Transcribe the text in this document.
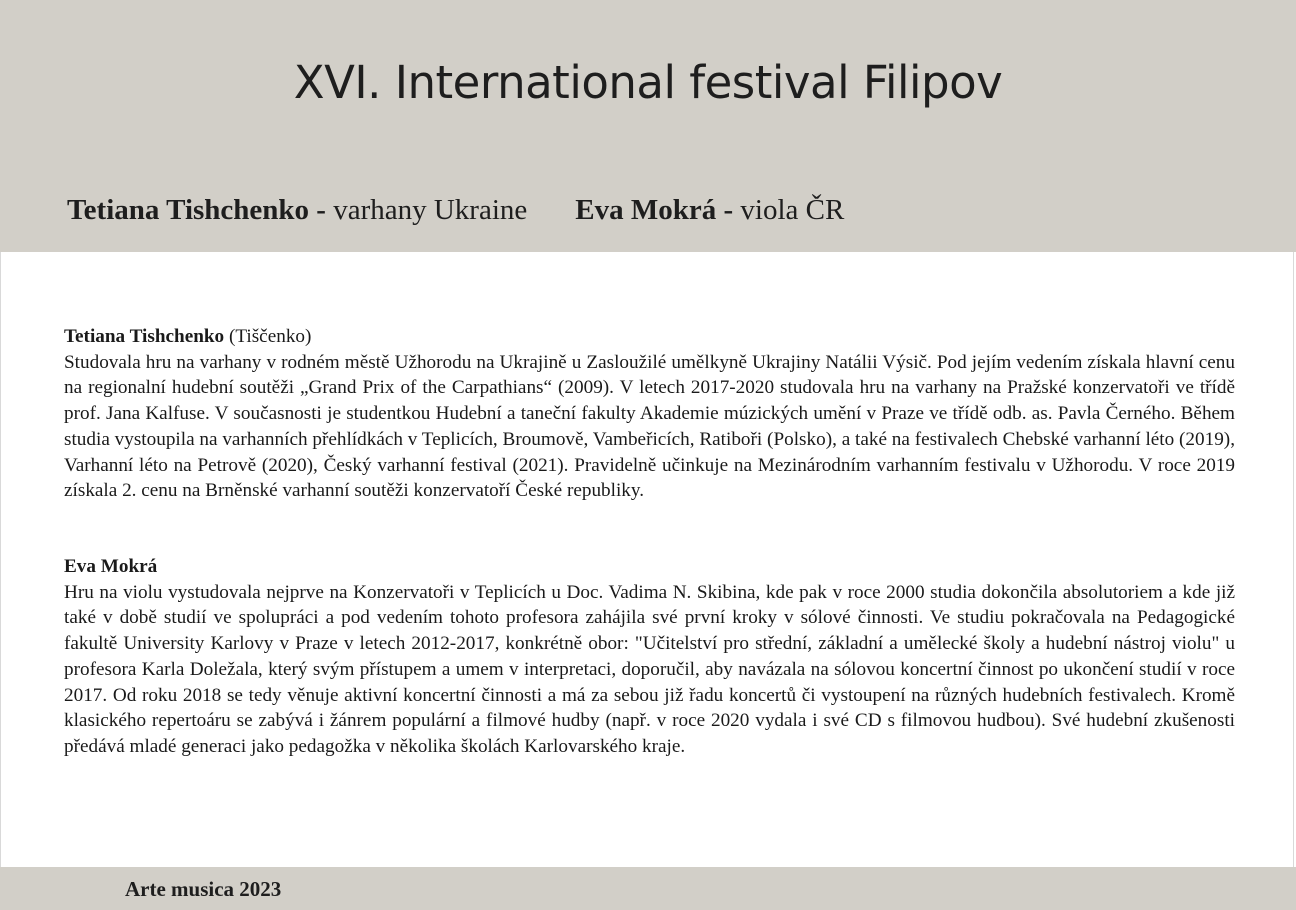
XVI. International festival Filipov
Tetiana Tishchenko - varhany Ukraine Eva Mokrá - viola ČR
Tetiana Tishchenko (Tiščenko)

Studovala hru na varhany v rodném městě Užhorodu na Ukrajině u Zasloužilé umělkyně Ukrajiny Natálii Výsič. Pod jejím vedením získala hlavní cenu na regionalní hudební soutěži „Grand Prix of the Carpathians“ (2009). V letech 2017-2020 studovala hru na varhany na Pražské konzervatoři ve třídě prof. Jana Kalfuse. V současnosti je studentkou Hudební a taneční fakulty Akademie múzických umění v Praze ve třídě odb. as. Pavla Černého. Během studia vystoupila na varhanních přehlídkách v Teplicích, Broumově, Vambeřicích, Ratiboři (Polsko), a také na festivalech Chebské varhanní léto (2019), Varhanní léto na Petrově (2020), Český varhanní festival (2021). Pravidelně učinkuje na Mezinárodním varhanním festivalu v Užhorodu. V roce 2019 získala 2. cenu na Brněnské varhanní soutěži konzervatoří České republiky.

Eva Mokrá

Hru na violu vystudovala nejprve na Konzervatoři v Teplicích u Doc. Vadima N. Skibina, kde pak v roce 2000 studia dokončila absolutoriem a kde již také v době studií ve spolupráci a pod vedením tohoto profesora zahájila své první kroky v sólové činnosti. Ve studiu pokračovala na Pedagogické fakultě University Karlovy v Praze v letech 2012-2017, konkrétně obor: "Učitelství pro střední, základní a umělecké školy a hudební nástroj violu" u profesora Karla Doležala, který svým přístupem a umem v interpretaci, doporučil, aby navázala na sólovou koncertní činnost po ukončení studií v roce 2017. Od roku 2018 se tedy věnuje aktivní koncertní činnosti a má za sebou již řadu koncertů či vystoupení na různých hudebních festivalech. Kromě klasického repertoáru se zabývá i žánrem populární a filmové hudby (např. v roce 2020 vydala i své CD s filmovou hudbou). Své hudební zkušenosti předává mladé generaci jako pedagožka v několika školách Karlovarského kraje.

Arte musica 2023
